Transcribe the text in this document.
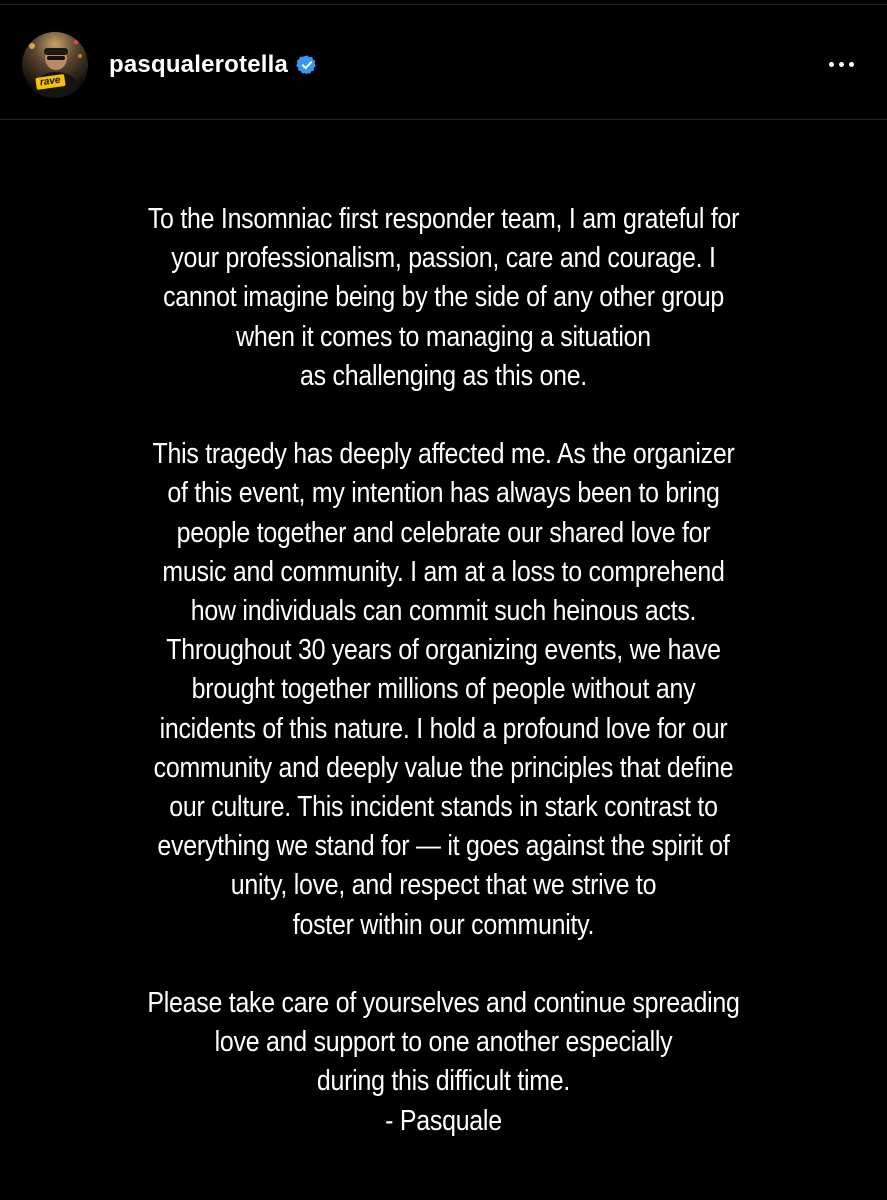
rave
pasqualerotella
To the Insomniac first responder team, I am grateful for
your professionalism, passion, care and courage. I
cannot imagine being by the side of any other group
when it comes to managing a situation
as challenging as this one.
This tragedy has deeply affected me. As the organizer
of this event, my intention has always been to bring
people together and celebrate our shared love for
music and community. I am at a loss to comprehend
how individuals can commit such heinous acts.
Throughout 30 years of organizing events, we have
brought together millions of people without any
incidents of this nature. I hold a profound love for our
community and deeply value the principles that define
our culture. This incident stands in stark contrast to
everything we stand for — it goes against the spirit of
unity, love, and respect that we strive to
foster within our community.
Please take care of yourselves and continue spreading
love and support to one another especially
during this difficult time.
- Pasquale
